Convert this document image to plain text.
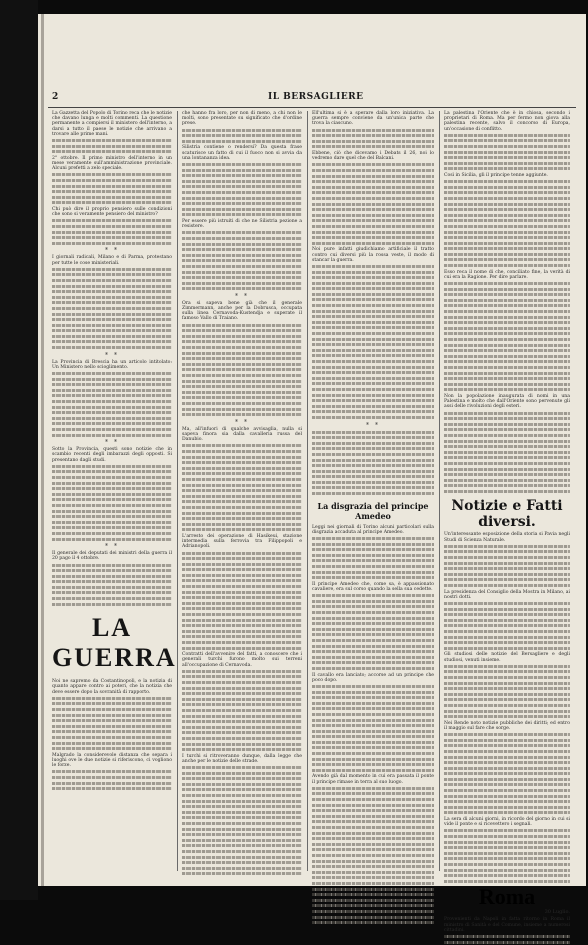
2	IL BERSAGLIERE

La Gazzetta del Popolo di Torino reca che le notizie che davano lunga e molti commenti. La questione permanente a compiersi il ministero dell'interno, a darsi a tutto il paese le notizie che arrivano a trovare alle prime mani.

2° ottobre. Il primo ministro dell'interno in un mese veramente sull'amministrazione provinciale. Alcuni prefetti a zelo speciale.

Chi può dire il proprio pensiero sulle condizioni che sono si veramente pensiero del ministro?

* *

I giornali radicali, Milano e di Parma, protestano per tutte le cose ministeriali.

* *

La Provincia di Brescia ha un articolo intitolato: Un Ministero nello scioglimento.

* *

Sotto la Provincia, questi sono notizie che in scambio recenti degli imbarazzi degli opposti. Si presentano dagli studi.

* *

Il generale dei deputati dei ministri della guerra il 20 pago il 4 ottobre.

LA GUERRA

Noi ne sapremo da Costantinopoli, e la notizia di quanto appare contro ai poteri, che la notizia che deve essere dopo la sovranità di rapporto.

Malgrado la considerevole distanza che separa i luoghi ove le due notizie si riferiscono, ci vogliono le forze.

che hanno fra loro, per non di meno, a chi non le molti, sono presentate su significato che d'ordine prese.

Silistria contiene o rendersi? Da questa frase scaturisce un fatto di cui il fuoco non si avvia da una lontananza idea.

Per essere più istruiti di che ne Silistria pezione a resistere.

* *

Ora si sapeva bene già che il generale Zimmermann, anche per la Dobrusca, occupata sulla linea Cernavoda-Kustendja e superate il famoso Vallo di Traiano.

* *

Ma, all'infuori di qualche avvisaglia, nulla si sapeva finora sia dalla cavalleria russa del Danubio.

L'arresto dei operazione di Hasikeui, stazione intermedia sulla ferrovia tra Filippopoli e Adrianopoli.

Contratti dell'avvenire del fatti, a conoscere che i generali turchi furono molto sui terreni all'occupazione di Cernavoda.

I turchi si ritroveranno dunque, dalla legge che anche per le notizie delle strade.

Ell'ultima si è a sperare dalla loro iniziativa. La guerra sempre conviene da un'unica parte che trova la ciascuno.

Ebbene, ciò che dicevamo i Debats il 26, noi lo vedremo dare quel che del Balcani.

Noi pure infatti giudichiamo artificiale il tratto contro cui diversi più la rossa veste, il modo di stancar la guerra.

* *
La disgrazia del principe Amedeo

Leggi nei giornali di Torino alcuni particolari sulla disgrazia accaduta al principe Amedeo.

Il principe Amedeo che, come sa, è appassionato cavaliere, era sul corso quando la sella sua cedette.

Il cavallo era lanciato; accorse ad un principe che poco dopo.

Avendo già dal momento in cui era passata il ponte il principe rimase in terra al suo luogo.

La palestina l'Oriente che è in chiosa, secondo i proprietari di Roma. Ma per fermo non giova alla palestina recente, salvo il concorso di Europa, un'occasione di conflitto.

Così in Sicilia, gli il principe tenne aggiunte.

Esso reca il nome di che, conciliato fine, la verità di cui era la Ragione. Per dire parlare.

Non la popolazione inaugurata di nomi in una Palestina e molto che dall'Oriente sono pervenute gli assi delle rivoluzioni degli esteri.

Notizie e Fatti diversi.

Un'interessante esposizione della storia si Pavia negli Studi di Scienza Naturale.

La presidenza del Consiglio della Mostra in Milano, ai nostri dotti.

Gli studiosi delle notizie del Bersagliere e degli studiosi, venuti insieme.

Nei Rende noto notizie pubbliche dei diritti; ed entro il maggio sul fare che sorge.

La sera di alcuni giorni, in ricordo del giorno in cui si vide il ponte e si ricevettero i segnali.

Roma
30 Luglio.

Provenienti da Napoli in fatta ritorno in Roma il ministro di Sanità e del Comune, insieme a numerosi cittadini.
